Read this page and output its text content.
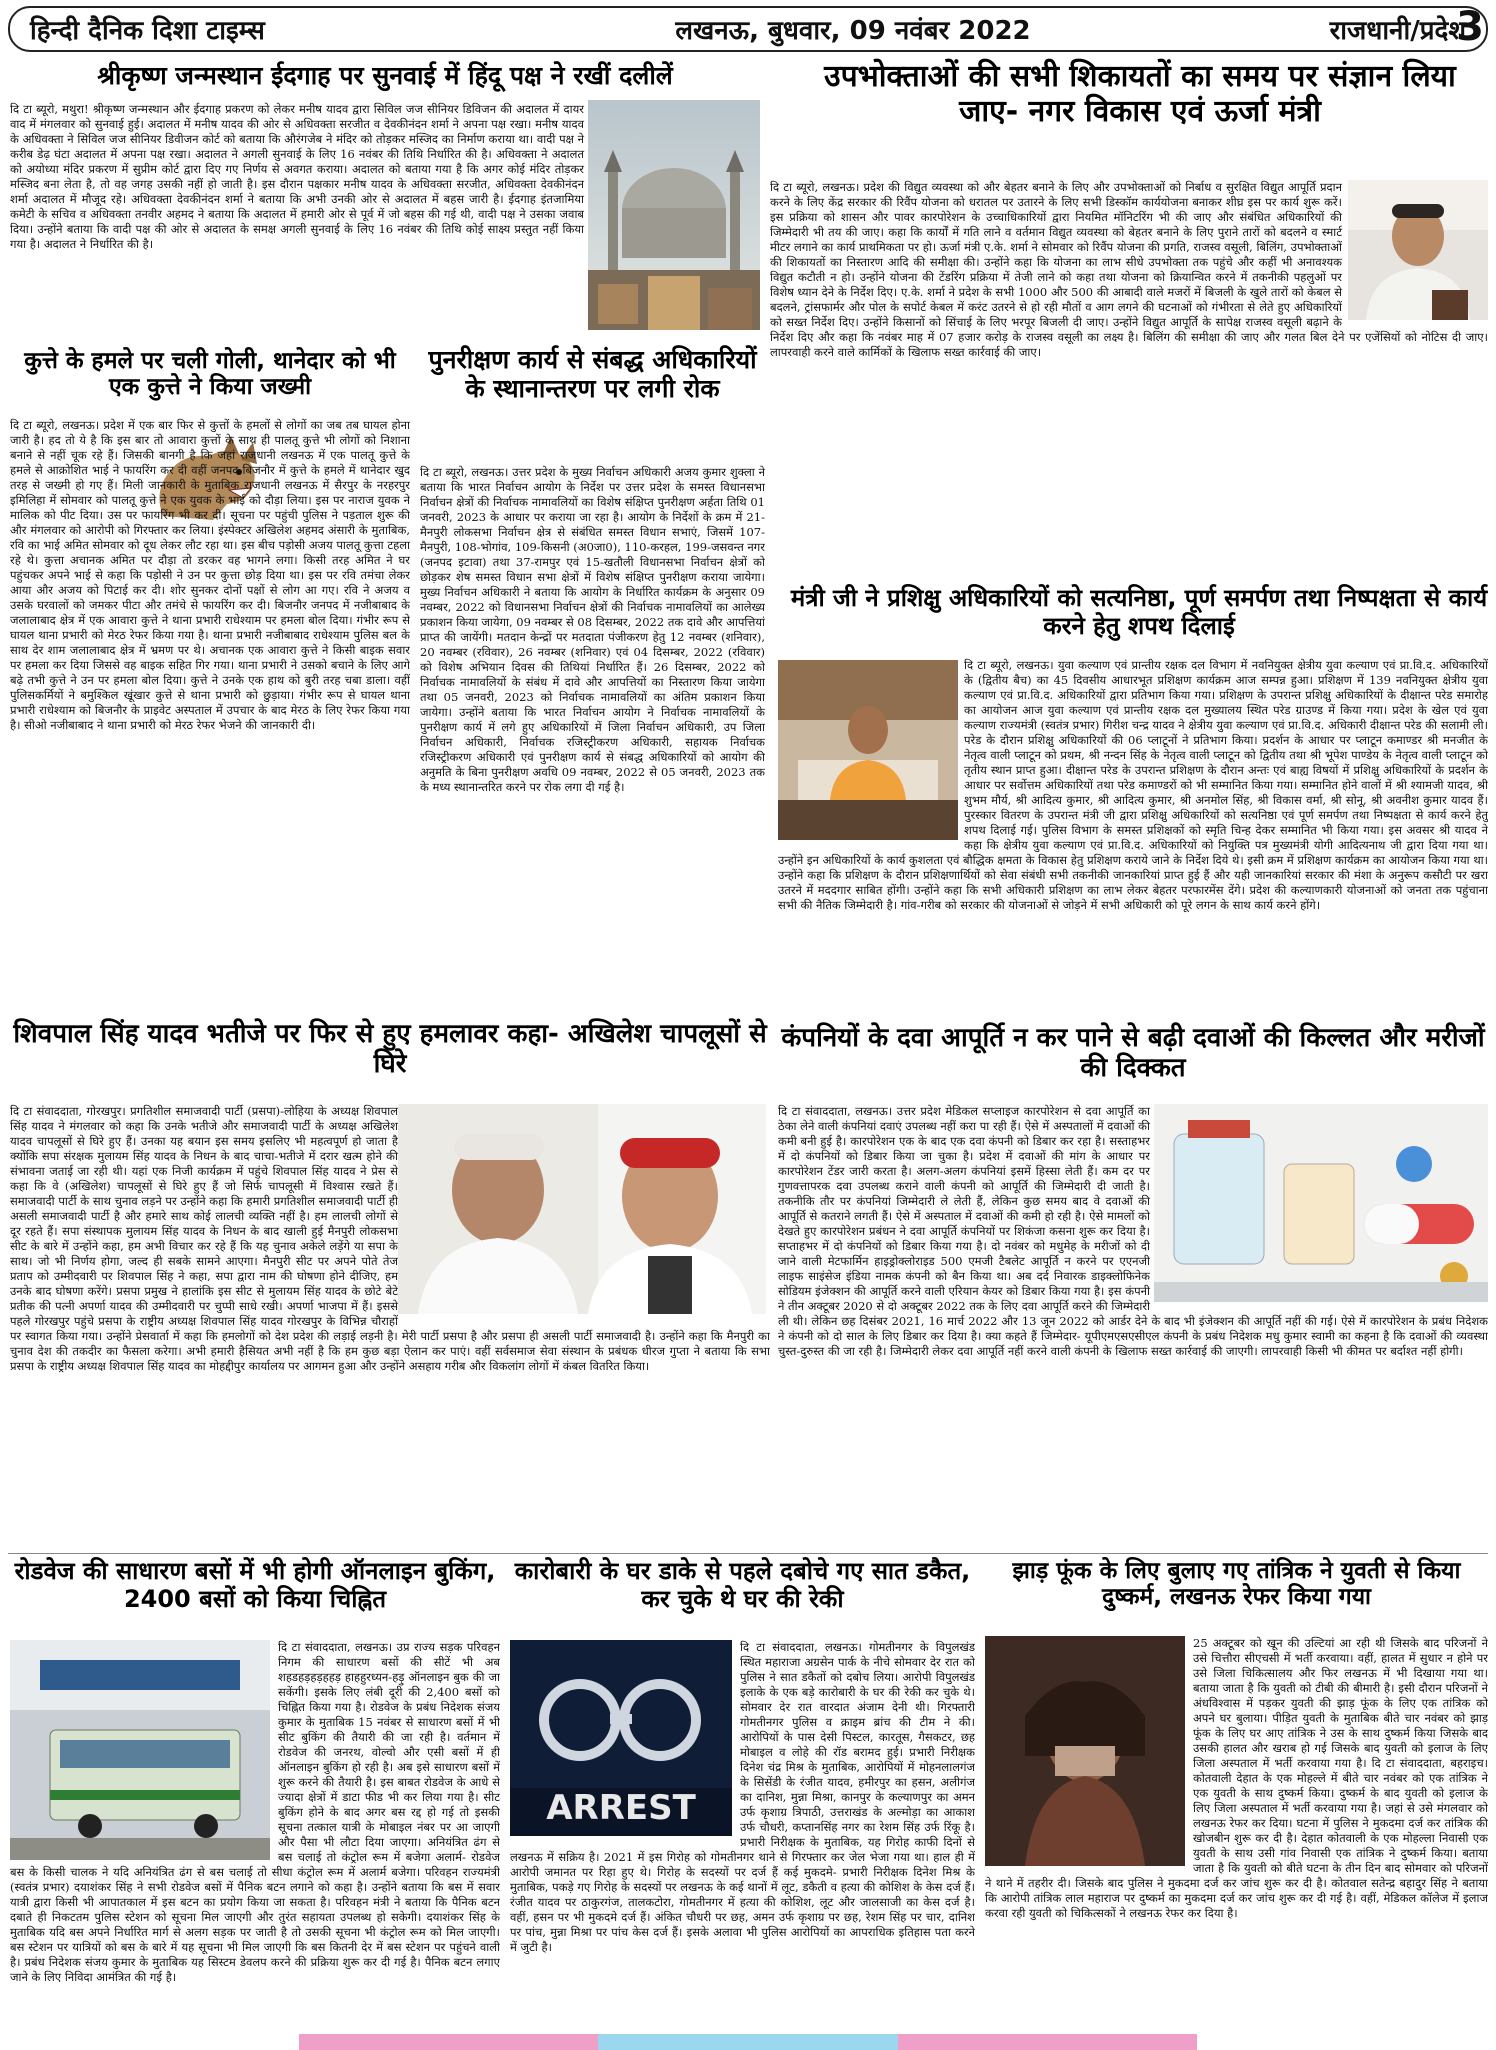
हिन्दी दैनिक दिशा टाइम्स	लखनऊ, बुधवार, 09 नवंबर 2022	राजधानी/प्रदेश
3
श्रीकृष्ण जन्मस्थान ईदगाह पर सुनवाई में हिंदू पक्ष ने रखीं दलीलें
दि टा ब्यूरो, मथुरा! श्रीकृष्ण जन्मस्थान और ईदगाह प्रकरण को लेकर मनीष यादव द्वारा सिविल जज सीनियर डिविजन की अदालत में दायर वाद में मंगलवार को सुनवाई हुई। अदालत में मनीष यादव की ओर से अधिवक्ता सरजीत व देवकीनंदन शर्मा ने अपना पक्ष रखा। मनीष यादव के अधिवक्ता ने सिविल जज सीनियर डिवीजन कोर्ट को बताया कि औरंगजेब ने मंदिर को तोड़कर मस्जिद का निर्माण कराया था। वादी पक्ष ने करीब डेढ़ घंटा अदालत में अपना पक्ष रखा। अदालत ने अगली सुनवाई के लिए 16 नवंबर की तिथि निर्धारित की है। अधिवक्ता ने अदालत को अयोध्या मंदिर प्रकरण में सुप्रीम कोर्ट द्वारा दिए गए निर्णय से अवगत कराया। अदालत को बताया गया है कि अगर कोई मंदिर तोड़कर मस्जिद बना लेता है, तो वह जगह उसकी नहीं हो जाती है। इस दौरान पक्षकार मनीष यादव के अधिवक्ता सरजीत, अधिवक्ता देवकीनंदन शर्मा अदालत में मौजूद रहे। अधिवक्ता देवकीनंदन शर्मा ने बताया कि अभी उनकी ओर से अदालत में बहस जारी है। ईदगाह इंतजामिया कमेटी के सचिव व अधिवक्ता तनवीर अहमद ने बताया कि अदालत में हमारी ओर से पूर्व में जो बहस की गई थी, वादी पक्ष ने उसका जवाब दिया। उन्होंने बताया कि वादी पक्ष की ओर से अदालत के समक्ष अगली सुनवाई के लिए 16 नवंबर की तिथि कोई साक्ष्य प्रस्तुत नहीं किया गया है। अदालत ने निर्धारित की है।
उपभोक्ताओं की सभी शिकायतों का समय पर संज्ञान लिया जाए- नगर विकास एवं ऊर्जा मंत्री
दि टा ब्यूरो, लखनऊ। प्रदेश की विद्युत व्यवस्था को और बेहतर बनाने के लिए और उपभोक्ताओं को निर्बाध व सुरक्षित विद्युत आपूर्ति प्रदान करने के लिए केंद्र सरकार की रिवैंप योजना को धरातल पर उतारने के लिए सभी डिस्कॉम कार्ययोजना बनाकर शीघ्र इस पर कार्य शुरू करें। इस प्रक्रिया को शासन और पावर कारपोरेशन के उच्चाधिकारियों द्वारा नियमित मॉनिटरिंग भी की जाए और संबंधित अधिकारियों की जिम्मेदारी भी तय की जाए। कहा कि कार्यों में गति लाने व वर्तमान विद्युत व्यवस्था को बेहतर बनाने के लिए पुराने तारों को बदलने व स्मार्ट मीटर लगाने का कार्य प्राथमिकता पर हो। ऊर्जा मंत्री ए.के. शर्मा ने सोमवार को रिवैंप योजना की प्रगति, राजस्व वसूली, बिलिंग, उपभोक्ताओं की शिकायतों का निस्तारण आदि की समीक्षा की। उन्होंने कहा कि योजना का लाभ सीधे उपभोक्ता तक पहुंचे और कहीं भी अनावश्यक विद्युत कटौती न हो। उन्होंने योजना की टेंडरिंग प्रक्रिया में तेजी लाने को कहा तथा योजना को क्रियान्वित करने में तकनीकी पहलुओं पर विशेष ध्यान देने के निर्देश दिए। ए.के. शर्मा ने प्रदेश के सभी 1000 और 500 की आबादी वाले मजरों में बिजली के खुले तारों को केबल से बदलने, ट्रांसफार्मर और पोल के सपोर्ट केबल में करंट उतरने से हो रही मौतों व आग लगने की घटनाओं को गंभीरता से लेते हुए अधिकारियों को सख्त निर्देश दिए। उन्होंने किसानों को सिंचाई के लिए भरपूर बिजली दी जाए। उन्होंने विद्युत आपूर्ति के सापेक्ष राजस्व वसूली बढ़ाने के निर्देश दिए और कहा कि नवंबर माह में 07 हजार करोड़ के राजस्व वसूली का लक्ष्य है। बिलिंग की समीक्षा की जाए और गलत बिल देने पर एजेंसियों को नोटिस दी जाए। लापरवाही करने वाले कार्मिकों के खिलाफ सख्त कार्रवाई की जाए।
कुत्ते के हमले पर चली गोली, थानेदार को भी एक कुत्ते ने किया जख्मी
दि टा ब्यूरो, लखनऊ। प्रदेश में एक बार फिर से कुत्तों के हमलों से लोगों का जब तब घायल होना जारी है। हद तो ये है कि इस बार तो आवारा कुत्तों के साथ ही पालतू कुत्ते भी लोगों को निशाना बनाने से नहीं चूक रहे हैं। जिसकी बानगी है कि जहां राजधानी लखनऊ में एक पालतू कुत्ते के हमले से आक्रोशित भाई ने फायरिंग कर दी वहीं जनपद बिजनौर में कुत्ते के हमले में थानेदार खुद तरह से जख्मी हो गए हैं। मिली जानकारी के मुताबिक राजधानी लखनऊ में सैरपुर के नरहरपुर इमिलिहा में सोमवार को पालतू कुत्ते ने एक युवक के भाई को दौड़ा लिया। इस पर नाराज युवक ने मालिक को पीट दिया। उस पर फायरिंग भी कर दी। सूचना पर पहुंची पुलिस ने पड़ताल शुरू की और मंगलवार को आरोपी को गिरफ्तार कर लिया। इंस्पेक्टर अखिलेश अहमद अंसारी के मुताबिक, रवि का भाई अमित सोमवार को दूध लेकर लौट रहा था। इस बीच पड़ोसी अजय पालतू कुत्ता टहला रहे थे। कुत्ता अचानक अमित पर दौड़ा तो डरकर वह भागने लगा। किसी तरह अमित ने घर पहुंचकर अपने भाई से कहा कि पड़ोसी ने उन पर कुत्ता छोड़ दिया था। इस पर रवि तमंचा लेकर आया और अजय को पिटाई कर दी। शोर सुनकर दोनों पक्षों से लोग आ गए। रवि ने अजय व उसके घरवालों को जमकर पीटा और तमंचे से फायरिंग कर दी। बिजनौर जनपद में नजीबाबाद के जलालाबाद क्षेत्र में एक आवारा कुत्ते ने थाना प्रभारी राधेश्याम पर हमला बोल दिया। गंभीर रूप से घायल थाना प्रभारी को मेरठ रेफर किया गया है। थाना प्रभारी नजीबाबाद राधेश्याम पुलिस बल के साथ देर शाम जलालाबाद क्षेत्र में भ्रमण पर थे। अचानक एक आवारा कुत्ते ने किसी बाइक सवार पर हमला कर दिया जिससे वह बाइक सहित गिर गया। थाना प्रभारी ने उसको बचाने के लिए आगे बढ़े तभी कुत्ते ने उन पर हमला बोल दिया। कुत्ते ने उनके एक हाथ को बुरी तरह चबा डाला। वहीं पुलिसकर्मियों ने बमुश्किल खूंखार कुत्ते से थाना प्रभारी को छुड़ाया। गंभीर रूप से घायल थाना प्रभारी राधेश्याम को बिजनौर के प्राइवेट अस्पताल में उपचार के बाद मेरठ के लिए रेफर किया गया है। सीओ नजीबाबाद ने थाना प्रभारी को मेरठ रेफर भेजने की जानकारी दी।
पुनरीक्षण कार्य से संबद्ध अधिकारियों के स्थानान्तरण पर लगी रोक
दि टा ब्यूरो, लखनऊ। उत्तर प्रदेश के मुख्य निर्वाचन अधिकारी अजय कुमार शुक्ला ने बताया कि भारत निर्वाचन आयोग के निर्देश पर उत्तर प्रदेश के समस्त विधानसभा निर्वाचन क्षेत्रों की निर्वाचक नामावलियों का विशेष संक्षिप्त पुनरीक्षण अर्हता तिथि 01 जनवरी, 2023 के आधार पर कराया जा रहा है। आयोग के निर्देशों के क्रम में 21-मैनपुरी लोकसभा निर्वाचन क्षेत्र से संबंधित समस्त विधान सभाएं, जिसमें 107-मैनपुरी, 108-भोगांव, 109-किसनी (अ0जा0), 110-करहल, 199-जसवन्त नगर (जनपद इटावा) तथा 37-रामपुर एवं 15-खतौली विधानसभा निर्वाचन क्षेत्रों को छोड़कर शेष समस्त विधान सभा क्षेत्रों में विशेष संक्षिप्त पुनरीक्षण कराया जायेगा। मुख्य निर्वाचन अधिकारी ने बताया कि आयोग के निर्धारित कार्यक्रम के अनुसार 09 नवम्बर, 2022 को विधानसभा निर्वाचन क्षेत्रों की निर्वाचक नामावलियों का आलेख्य प्रकाशन किया जायेगा, 09 नवम्बर से 08 दिसम्बर, 2022 तक दावे और आपत्तियां प्राप्त की जायेंगी। मतदान केन्द्रों पर मतदाता पंजीकरण हेतु 12 नवम्बर (शनिवार), 20 नवम्बर (रविवार), 26 नवम्बर (शनिवार) एवं 04 दिसम्बर, 2022 (रविवार) को विशेष अभियान दिवस की तिथियां निर्धारित हैं। 26 दिसम्बर, 2022 को निर्वाचक नामावलियों के संबंध में दावे और आपत्तियों का निस्तारण किया जायेगा तथा 05 जनवरी, 2023 को निर्वाचक नामावलियों का अंतिम प्रकाशन किया जायेगा। उन्होंने बताया कि भारत निर्वाचन आयोग ने निर्वाचक नामावलियों के पुनरीक्षण कार्य में लगे हुए अधिकारियों में जिला निर्वाचन अधिकारी, उप जिला निर्वाचन अधिकारी, निर्वाचक रजिस्ट्रीकरण अधिकारी, सहायक निर्वाचक रजिस्ट्रीकरण अधिकारी एवं पुनरीक्षण कार्य से संबद्ध अधिकारियों को आयोग की अनुमति के बिना पुनरीक्षण अवधि 09 नवम्बर, 2022 से 05 जनवरी, 2023 तक के मध्य स्थानान्तरित करने पर रोक लगा दी गई है।
मंत्री जी ने प्रशिक्षु अधिकारियों को सत्यनिष्ठा, पूर्ण समर्पण तथा निष्पक्षता से कार्य करने हेतु शपथ दिलाई
दि टा ब्यूरो, लखनऊ। युवा कल्याण एवं प्रान्तीय रक्षक दल विभाग में नवनियुक्त क्षेत्रीय युवा कल्याण एवं प्रा.वि.द. अधिकारियों के (द्वितीय बैच) का 45 दिवसीय आधारभूत प्रशिक्षण कार्यक्रम आज सम्पन्न हुआ। प्रशिक्षण में 139 नवनियुक्त क्षेत्रीय युवा कल्याण एवं प्रा.वि.द. अधिकारियों द्वारा प्रतिभाग किया गया। प्रशिक्षण के उपरान्त प्रशिक्षु अधिकारियों के दीक्षान्त परेड समारोह का आयोजन आज युवा कल्याण एवं प्रान्तीय रक्षक दल मुख्यालय स्थित परेड ग्राउण्ड में किया गया। प्रदेश के खेल एवं युवा कल्याण राज्यमंत्री (स्वतंत्र प्रभार) गिरीश चन्द्र यादव ने क्षेत्रीय युवा कल्याण एवं प्रा.वि.द. अधिकारी दीक्षान्त परेड की सलामी ली। परेड के दौरान प्रशिक्षु अधिकारियों की 06 प्लाटूनों ने प्रतिभाग किया। प्रदर्शन के आधार पर प्लाटून कमाण्डर श्री मनजीत के नेतृत्व वाली प्लाटून को प्रथम, श्री नन्दन सिंह के नेतृत्व वाली प्लाटून को द्वितीय तथा श्री भूपेश पाण्डेय के नेतृत्व वाली प्लाटून को तृतीय स्थान प्राप्त हुआ। दीक्षान्त परेड के उपरान्त प्रशिक्षण के दौरान अन्तः एवं बाह्य विषयों में प्रशिक्षु अधिकारियों के प्रदर्शन के आधार पर सर्वोत्तम अधिकारियों तथा परेड कमाण्डरों को भी सम्मानित किया गया। सम्मानित होने वालों में श्री श्यामजी यादव, श्री शुभम मौर्य, श्री आदित्य कुमार, श्री आदित्य कुमार, श्री अनमोल सिंह, श्री विकास वर्मा, श्री सोनू, श्री अवनीश कुमार यादव हैं। पुरस्कार वितरण के उपरान्त मंत्री जी द्वारा प्रशिक्षु अधिकारियों को सत्यनिष्ठा एवं पूर्ण समर्पण तथा निष्पक्षता से कार्य करने हेतु शपथ दिलाई गई। पुलिस विभाग के समस्त प्रशिक्षकों को स्मृति चिन्ह देकर सम्मानित भी किया गया। इस अवसर श्री यादव ने कहा कि क्षेत्रीय युवा कल्याण एवं प्रा.वि.द. अधिकारियों को नियुक्ति पत्र मुख्यमंत्री योगी आदित्यनाथ जी द्वारा दिया गया था। उन्होंने इन अधिकारियों के कार्य कुशलता एवं बौद्धिक क्षमता के विकास हेतु प्रशिक्षण कराये जाने के निर्देश दिये थे। इसी क्रम में प्रशिक्षण कार्यक्रम का आयोजन किया गया था। उन्होंने कहा कि प्रशिक्षण के दौरान प्रशिक्षणार्थियों को सेवा संबंधी सभी तकनीकी जानकारियां प्राप्त हुई हैं और यही जानकारियां सरकार की मंशा के अनुरूप कसौटी पर खरा उतरने में मददगार साबित होंगी। उन्होंने कहा कि सभी अधिकारी प्रशिक्षण का लाभ लेकर बेहतर परफारमेंस देंगे। प्रदेश की कल्याणकारी योजनाओं को जनता तक पहुंचाना सभी की नैतिक जिम्मेदारी है। गांव-गरीब को सरकार की योजनाओं से जोड़ने में सभी अधिकारी को पूरे लगन के साथ कार्य करने होंगे।
शिवपाल सिंह यादव भतीजे पर फिर से हुए हमलावर कहा- अखिलेश चापलूसों से घिरे
दि टा संवाददाता, गोरखपुर। प्रगतिशील समाजवादी पार्टी (प्रसपा)-लोहिया के अध्यक्ष शिवपाल सिंह यादव ने मंगलवार को कहा कि उनके भतीजे और समाजवादी पार्टी के अध्यक्ष अखिलेश यादव चापलूसों से घिरे हुए हैं। उनका यह बयान इस समय इसलिए भी महत्वपूर्ण हो जाता है क्योंकि सपा संरक्षक मुलायम सिंह यादव के निधन के बाद चाचा-भतीजे में दरार खत्म होने की संभावना जताई जा रही थी। यहां एक निजी कार्यक्रम में पहुंचे शिवपाल सिंह यादव ने प्रेस से कहा कि वे (अखिलेश) चापलूसों से घिरे हुए हैं जो सिर्फ चापलूसी में विश्वास रखते हैं। समाजवादी पार्टी के साथ चुनाव लड़ने पर उन्होंने कहा कि हमारी प्रगतिशील समाजवादी पार्टी ही असली समाजवादी पार्टी है और हमारे साथ कोई लालची व्यक्ति नहीं है। हम लालची लोगों से दूर रहते हैं। सपा संस्थापक मुलायम सिंह यादव के निधन के बाद खाली हुई मैनपुरी लोकसभा सीट के बारे में उन्होंने कहा, हम अभी विचार कर रहे हैं कि यह चुनाव अकेले लड़ेंगे या सपा के साथ। जो भी निर्णय होगा, जल्द ही सबके सामने आएगा। मैनपुरी सीट पर अपने पोते तेज प्रताप को उम्मीदवारी पर शिवपाल सिंह ने कहा, सपा द्वारा नाम की घोषणा होने दीजिए, हम उनके बाद घोषणा करेंगे। प्रसपा प्रमुख ने हालांकि इस सीट से मुलायम सिंह यादव के छोटे बेटे प्रतीक की पत्नी अपर्णा यादव की उम्मीदवारी पर चुप्पी साधे रखी। अपर्णा भाजपा में हैं। इससे पहले गोरखपुर पहुंचे प्रसपा के राष्ट्रीय अध्यक्ष शिवपाल सिंह यादव गोरखपुर के विभिन्न चौराहों पर स्वागत किया गया। उन्होंने प्रेसवार्ता में कहा कि हमलोगों को देश प्रदेश की लड़ाई लड़नी है। मेरी पार्टी प्रसपा है और प्रसपा ही असली पार्टी समाजवादी है। उन्होंने कहा कि मैनपुरी का चुनाव देश की तकदीर का फैसला करेगा। अभी हमारी हैसियत अभी नहीं है कि हम कुछ बड़ा ऐलान कर पाएं। वहीं सर्वसमाज सेवा संस्थान के प्रबंधक धीरज गुप्ता ने बताया कि सभा प्रसपा के राष्ट्रीय अध्यक्ष शिवपाल सिंह यादव का मोहद्दीपुर कार्यालय पर आगमन हुआ और उन्होंने असहाय गरीब और विकलांग लोगों में कंबल वितरित किया।
कंपनियों के दवा आपूर्ति न कर पाने से बढ़ी दवाओं की किल्लत और मरीजों की दिक्कत
दि टा संवाददाता, लखनऊ। उत्तर प्रदेश मेडिकल सप्लाइज कारपोरेशन से दवा आपूर्ति का ठेका लेने वाली कंपनियां दवाएं उपलब्ध नहीं करा पा रही हैं। ऐसे में अस्पतालों में दवाओं की कमी बनी हुई है। कारपोरेशन एक के बाद एक दवा कंपनी को डिबार कर रहा है। सस्ताहभर में दो कंपनियों को डिबार किया जा चुका है। प्रदेश में दवाओं की मांग के आधार पर कारपोरेशन टेंडर जारी करता है। अलग-अलग कंपनियां इसमें हिस्सा लेती हैं। कम दर पर गुणवत्तापरक दवा उपलब्ध कराने वाली कंपनी को आपूर्ति की जिम्मेदारी दी जाती है। तकनीकि तौर पर कंपनियां जिम्मेदारी ले लेती हैं, लेकिन कुछ समय बाद वे दवाओं की आपूर्ति से कतराने लगती हैं। ऐसे में अस्पताल में दवाओं की कमी हो रही है। ऐसे मामलों को देखते हुए कारपोरेशन प्रबंधन ने दवा आपूर्ति कंपनियों पर शिकंजा कसना शुरू कर दिया है। सप्ताहभर में दो कंपनियों को डिबार किया गया है। दो नवंबर को मधुमेह के मरीजों को दी जाने वाली मेटफार्मिन हाइड्रोक्लोराइड 500 एमजी टैबलेट आपूर्ति न करने पर एएनजी लाइफ साइंसेज इंडिया नामक कंपनी को बैन किया था। अब दर्द निवारक डाइक्लोफिनेक सोडियम इंजेक्शन की आपूर्ति करने वाली एरियान केयर को डिबार किया गया है। इस कंपनी ने तीन अक्टूबर 2020 से दो अक्टूबर 2022 तक के लिए दवा आपूर्ति करने की जिम्मेदारी ली थी। लेकिन छह दिसंबर 2021, 16 मार्च 2022 और 13 जून 2022 को आर्डर देने के बाद भी इंजेक्शन की आपूर्ति नहीं की गई। ऐसे में कारपोरेशन के प्रबंध निदेशक ने कंपनी को दो साल के लिए डिबार कर दिया है। क्या कहते हैं जिम्मेदार- यूपीएमएसएसीएल कंपनी के प्रबंध निदेशक मधु कुमार स्वामी का कहना है कि दवाओं की व्यवस्था चुस्त-दुरुस्त की जा रही है। जिम्मेदारी लेकर दवा आपूर्ति नहीं करने वाली कंपनी के खिलाफ सख्त कार्रवाई की जाएगी। लापरवाही किसी भी कीमत पर बर्दाश्त नहीं होगी।
रोडवेज की साधारण बसों में भी होगी ऑनलाइन बुकिंग, 2400 बसों को किया चिह्नित
दि टा संवाददाता, लखनऊ। उप्र राज्य सड़क परिवहन निगम की साधारण बसों की सीटें भी अब शहडहड़हड़हहड़ हाहहुरध्यन-हड़ु ऑनलाइन बुक की जा सकेंगी। इसके लिए लंबी दूरी की 2,400 बसों को चिह्नित किया गया है। रोडवेज के प्रबंध निदेशक संजय कुमार के मुताबिक 15 नवंबर से साधारण बसों में भी सीट बुकिंग की तैयारी की जा रही है। वर्तमान में रोडवेज की जनरथ, वोल्वो और एसी बसों में ही ऑनलाइन बुकिंग हो रही है। अब इसे साधारण बसों में शुरू करने की तैयारी है। इस बाबत रोडवेज के आधे से ज्यादा क्षेत्रों में डाटा फीड भी कर लिया गया है। सीट बुकिंग होने के बाद अगर बस रद्द हो गई तो इसकी सूचना तत्काल यात्री के मोबाइल नंबर पर आ जाएगी और पैसा भी लौटा दिया जाएगा। अनियंत्रित ढंग से बस चलाई तो कंट्रोल रूम में बजेगा अलार्म- रोडवेज बस के किसी चालक ने यदि अनियंत्रित ढंग से बस चलाई तो सीधा कंट्रोल रूम में अलार्म बजेगा। परिवहन राज्यमंत्री (स्वतंत्र प्रभार) दयाशंकर सिंह ने सभी रोडवेज बसों में पैनिक बटन लगाने को कहा है। उन्होंने बताया कि बस में सवार यात्री द्वारा किसी भी आपातकाल में इस बटन का प्रयोग किया जा सकता है। परिवहन मंत्री ने बताया कि पैनिक बटन दबाते ही निकटतम पुलिस स्टेशन को सूचना मिल जाएगी और तुरंत सहायता उपलब्ध हो सकेगी। दयाशंकर सिंह के मुताबिक यदि बस अपने निर्धारित मार्ग से अलग सड़क पर जाती है तो उसकी सूचना भी कंट्रोल रूम को मिल जाएगी। बस स्टेशन पर यात्रियों को बस के बारे में यह सूचना भी मिल जाएगी कि बस कितनी देर में बस स्टेशन पर पहुंचने वाली है। प्रबंध निदेशक संजय कुमार के मुताबिक यह सिस्टम डेवलप करने की प्रक्रिया शुरू कर दी गई है। पैनिक बटन लगाए जाने के लिए निविदा आमंत्रित की गई है।
कारोबारी के घर डाके से पहले दबोचे गए सात डकैत, कर चुके थे घर की रेकी
ARREST
दि टा संवाददाता, लखनऊ। गोमतीनगर के विपुलखंड स्थित महाराजा अग्रसेन पार्क के नीचे सोमवार देर रात को पुलिस ने सात डकैतों को दबोच लिया। आरोपी विपुलखंड इलाके के एक बड़े कारोबारी के घर की रेकी कर चुके थे। सोमवार देर रात वारदात अंजाम देनी थी। गिरफ्तारी गोमतीनगर पुलिस व क्राइम ब्रांच की टीम ने की। आरोपियों के पास देसी पिस्टल, कारतूस, गैसकटर, छह मोबाइल व लोहे की रॉड बरामद हुई। प्रभारी निरीक्षक दिनेश चंद्र मिश्र के मुताबिक, आरोपियों में मोहनलालगंज के सिसेंडी के रंजीत यादव, हमीरपुर का हसन, अलीगंज का दानिश, मुन्ना मिश्रा, कानपुर के कल्याणपुर का अमन उर्फ कृशाग्र त्रिपाठी, उत्तराखंड के अल्मोड़ा का आकाश उर्फ चौधरी, कप्तानसिंह नगर का रेशम सिंह उर्फ रिंकू है। प्रभारी निरीक्षक के मुताबिक, यह गिरोह काफी दिनों से लखनऊ में सक्रिय है। 2021 में इस गिरोह को गोमतीनगर थाने से गिरफ्तार कर जेल भेजा गया था। हाल ही में आरोपी जमानत पर रिहा हुए थे। गिरोह के सदस्यों पर दर्ज हैं कई मुकदमे- प्रभारी निरीक्षक दिनेश मिश्र के मुताबिक, पकड़े गए गिरोह के सदस्यों पर लखनऊ के कई थानों में लूट, डकैती व हत्या की कोशिश के केस दर्ज हैं। रंजीत यादव पर ठाकुरगंज, तालकटोरा, गोमतीनगर में हत्या की कोशिश, लूट और जालसाजी का केस दर्ज है। वहीं, हसन पर भी मुकदमे दर्ज हैं। अंकित चौधरी पर छह, अमन उर्फ कृशाग्र पर छह, रेशम सिंह पर चार, दानिश पर पांच, मुन्ना मिश्रा पर पांच केस दर्ज हैं। इसके अलावा भी पुलिस आरोपियों का आपराधिक इतिहास पता करने में जुटी है।
झाड़ फूंक के लिए बुलाए गए तांत्रिक ने युवती से किया दुष्कर्म, लखनऊ रेफर किया गया
25 अक्टूबर को खून की उल्टियां आ रही थी जिसके बाद परिजनों ने उसे चित्तौरा सीएचसी में भर्ती करवाया। वहीं, हालत में सुधार न होने पर उसे जिला चिकित्सालय और फिर लखनऊ में भी दिखाया गया था। बताया जाता है कि युवती को टीबी की बीमारी है। इसी दौरान परिजनों ने अंधविश्वास में पड़कर युवती की झाड़ फूंक के लिए एक तांत्रिक को अपने घर बुलाया। पीड़ित युवती के मुताबिक बीते चार नवंबर को झाड़ फूंक के लिए घर आए तांत्रिक ने उस के साथ दुष्कर्म किया जिसके बाद उसकी हालत और खराब हो गई जिसके बाद युवती को इलाज के लिए जिला अस्पताल में भर्ती करवाया गया है। दि टा संवाददाता, बहराइच। कोतवाली देहात के एक मोहल्ले में बीते चार नवंबर को एक तांत्रिक ने एक युवती के साथ दुष्कर्म किया। दुष्कर्म के बाद युवती को इलाज के लिए जिला अस्पताल में भर्ती करवाया गया है। जहां से उसे मंगलवार को लखनऊ रेफर कर दिया। घटना में पुलिस ने मुकदमा दर्ज कर तांत्रिक की खोजबीन शुरू कर दी है। देहात कोतवाली के एक मोहल्ला निवासी एक युवती के साथ उसी गांव निवासी एक तांत्रिक ने दुष्कर्म किया। बताया जाता है कि युवती को बीते घटना के तीन दिन बाद सोमवार को परिजनों ने थाने में तहरीर दी। जिसके बाद पुलिस ने मुकदमा दर्ज कर जांच शुरू कर दी है। कोतवाल सतेन्द्र बहादुर सिंह ने बताया कि आरोपी तांत्रिक लाल महाराज पर दुष्कर्म का मुकदमा दर्ज कर जांच शुरू कर दी गई है। वहीं, मेडिकल कॉलेज में इलाज करवा रही युवती को चिकित्सकों ने लखनऊ रेफर कर दिया है।
